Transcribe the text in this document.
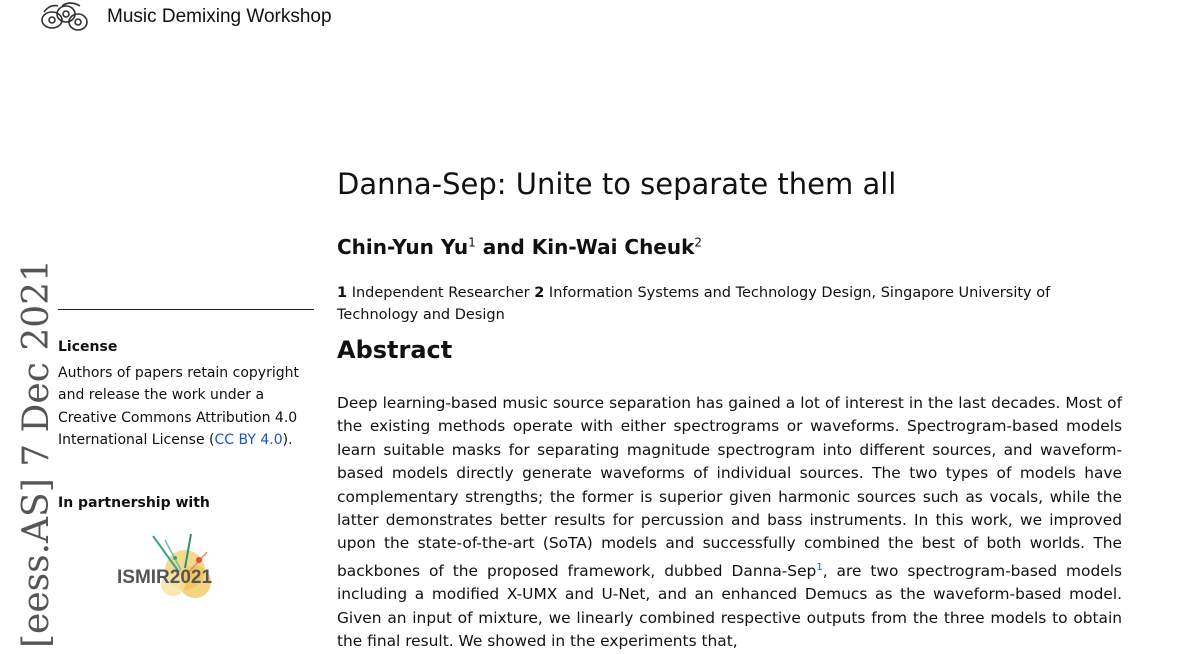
Music Demixing Workshop
[eess.AS] 7 Dec 2021 License
Authors of papers retain copyright and release the work under a Creative Commons Attribution 4.0 International License (CC BY 4.0).
In partnership with
ISMIR2021
Danna-Sep: Unite to separate them all
Chin-Yun Yu$^1$ and Kin-Wai Cheuk$^2$
1 Independent Researcher 2 Information Systems and Technology Design, Singapore University of Technology and Design
Abstract
Deep learning-based music source separation has gained a lot of interest in the last decades. Most of the existing methods operate with either spectrograms or waveforms. Spectrogram-based models learn suitable masks for separating magnitude spectrogram into different sources, and waveform-based models directly generate waveforms of individual sources. The two types of models have complementary strengths; the former is superior given harmonic sources such as vocals, while the latter demonstrates better results for percussion and bass instruments. In this work, we improved upon the state-of-the-art (SoTA) models and successfully combined the best of both worlds. The backbones of the proposed framework, dubbed Danna-Sep$^1$, are two spectrogram-based models including a modified X-UMX and U-Net, and an enhanced Demucs as the waveform-based model. Given an input of mixture, we linearly combined respective outputs from the three models to obtain the final result. We showed in the experiments that,
